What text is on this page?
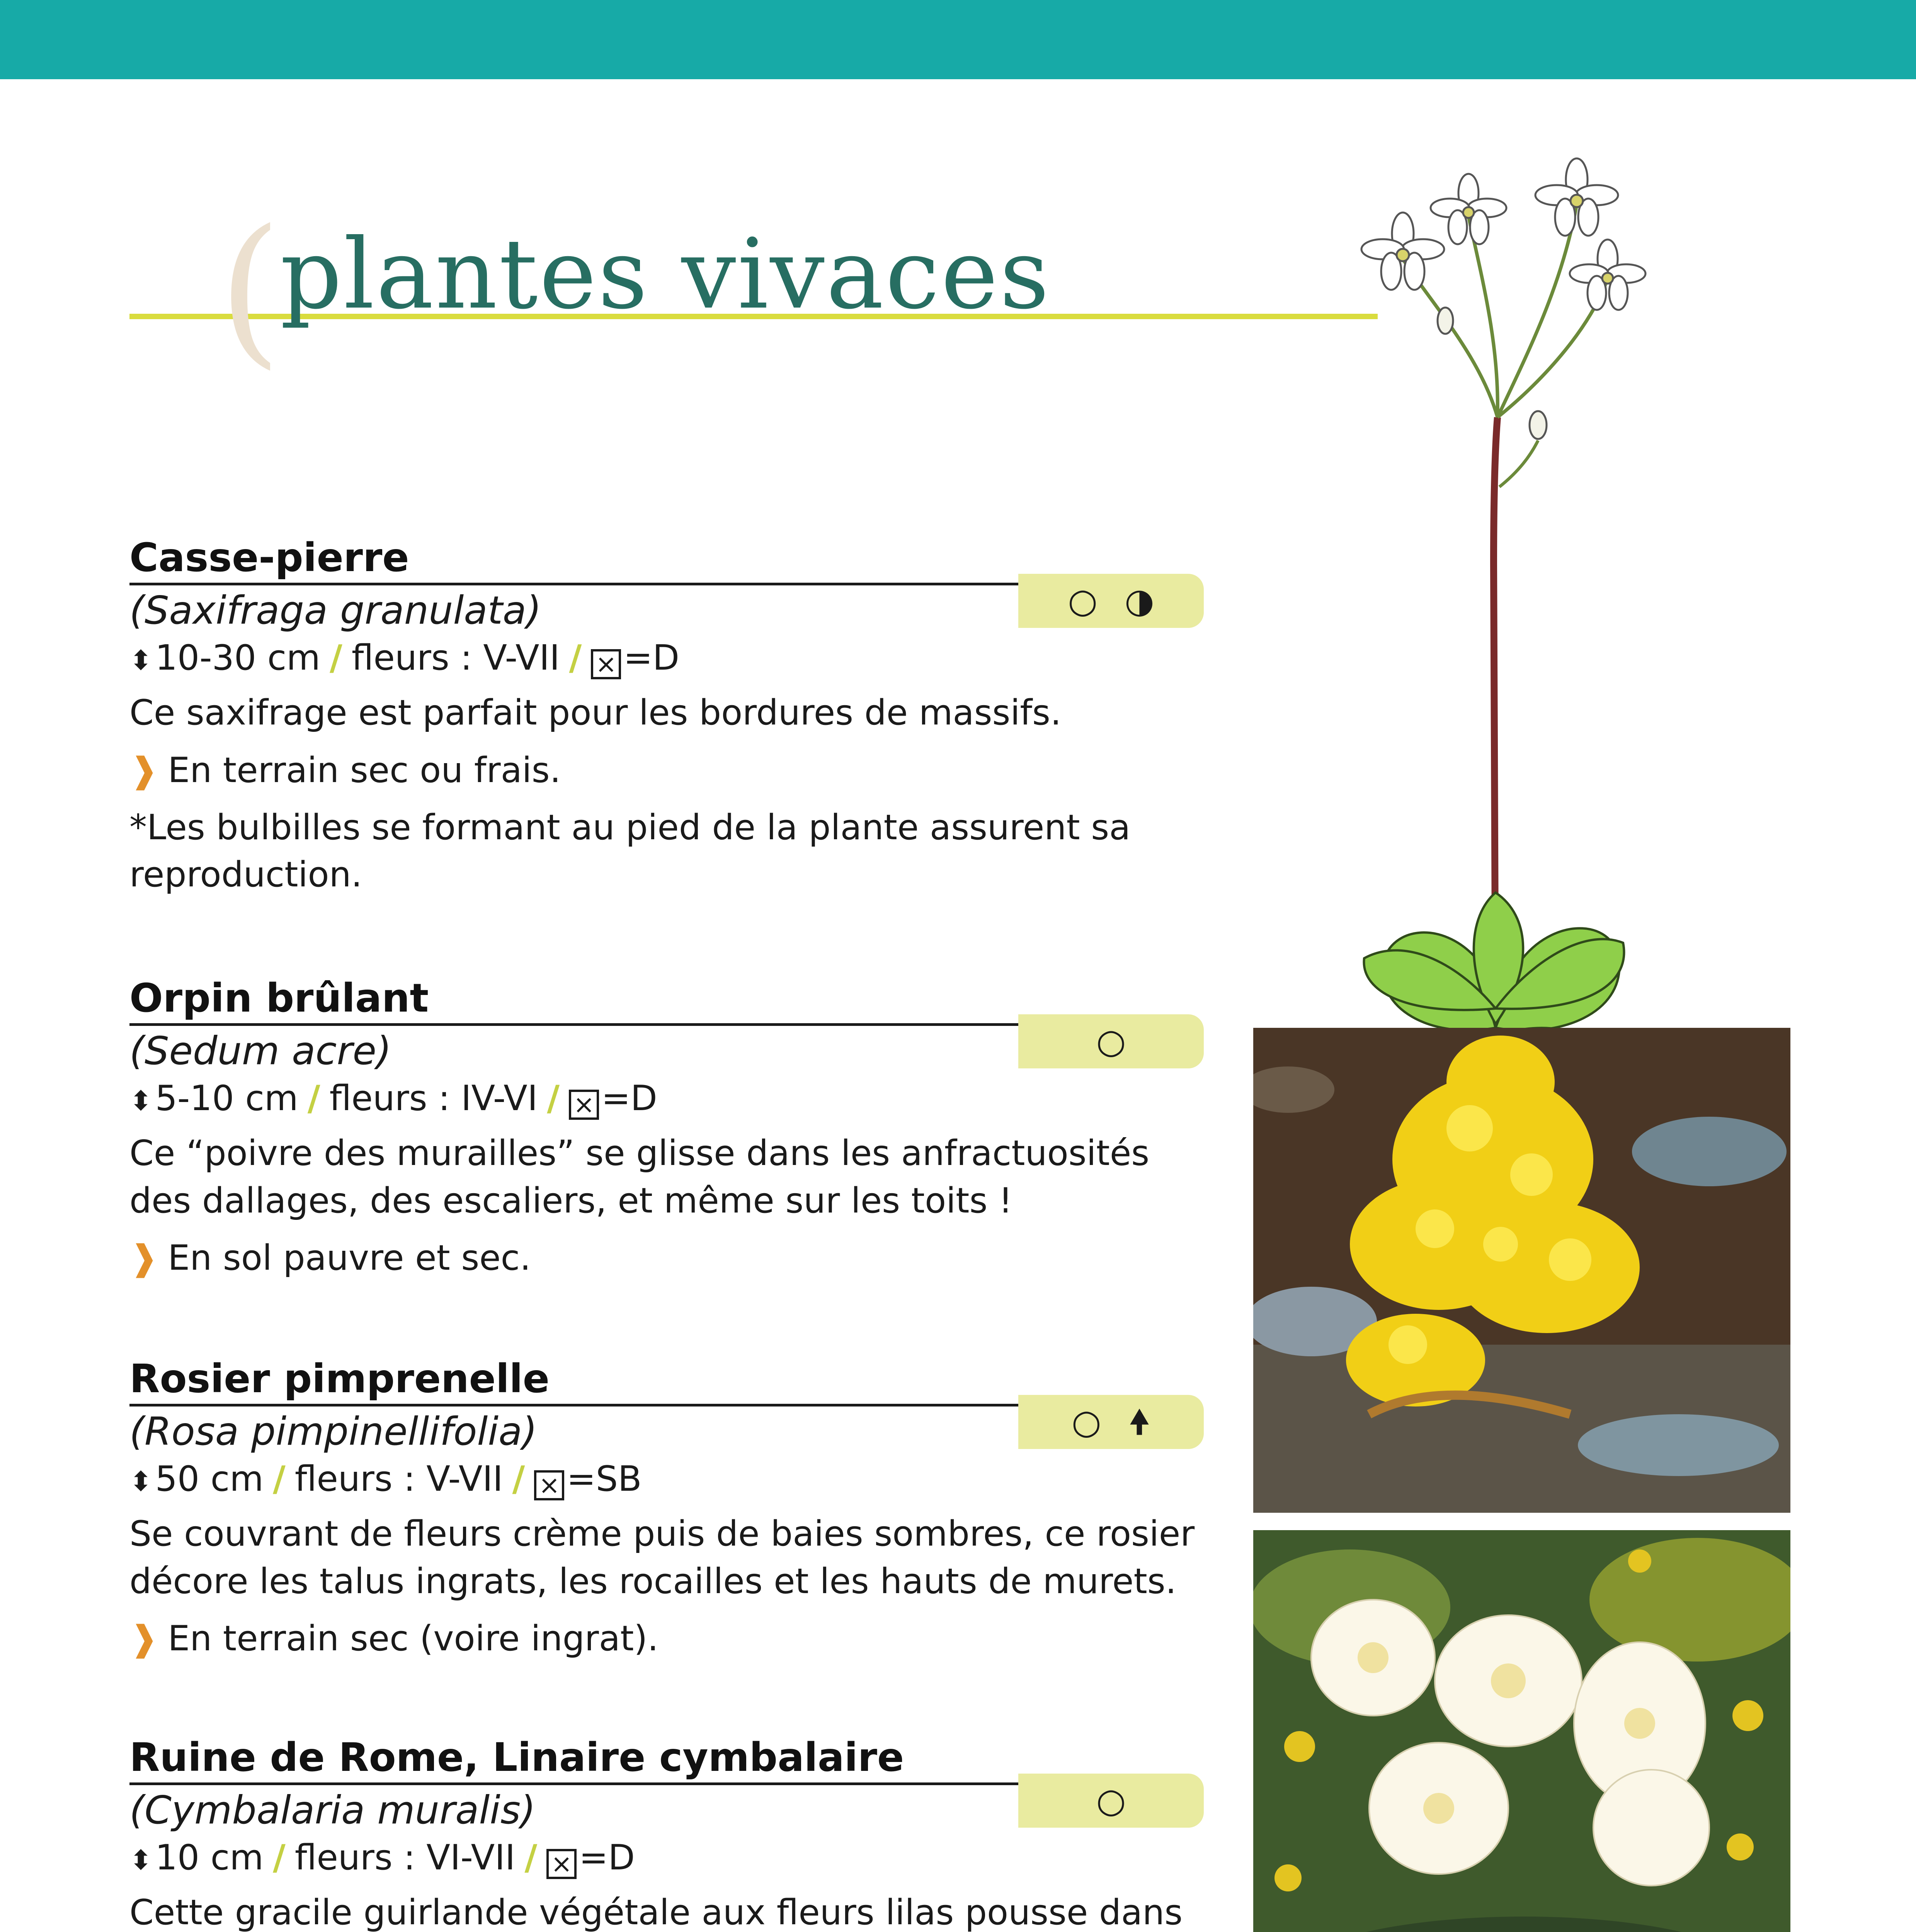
(
plantes vivaces
Casse-pierre
○ ◑
(Saxifraga granulata)
⬍10-30 cm / fleurs : V-VII / × =D
Ce saxifrage est parfait pour les bordures de massifs.
❱ En terrain sec ou frais.
*Les bulbilles se formant au pied de la plante assurent sa reproduction.
Orpin brûlant
○
(Sedum acre)
⬍5-10 cm / fleurs : IV-VI / × =D
Ce “poivre des murailles” se glisse dans les anfractuosités des dallages, des escaliers, et même sur les toits !
❱ En sol pauvre et sec.
Rosier pimprenelle
○ 🠝
(Rosa pimpinellifolia)
⬍50 cm / fleurs : V-VII / × =SB
Se couvrant de fleurs crème puis de baies sombres, ce rosier décore les talus ingrats, les rocailles et les hauts de murets.
❱ En terrain sec (voire ingrat).
Ruine de Rome, Linaire cymbalaire
○
(Cymbalaria muralis)
⬍10 cm / fleurs : VI-VII / × =D
Cette gracile guirlande végétale aux fleurs lilas pousse dans
